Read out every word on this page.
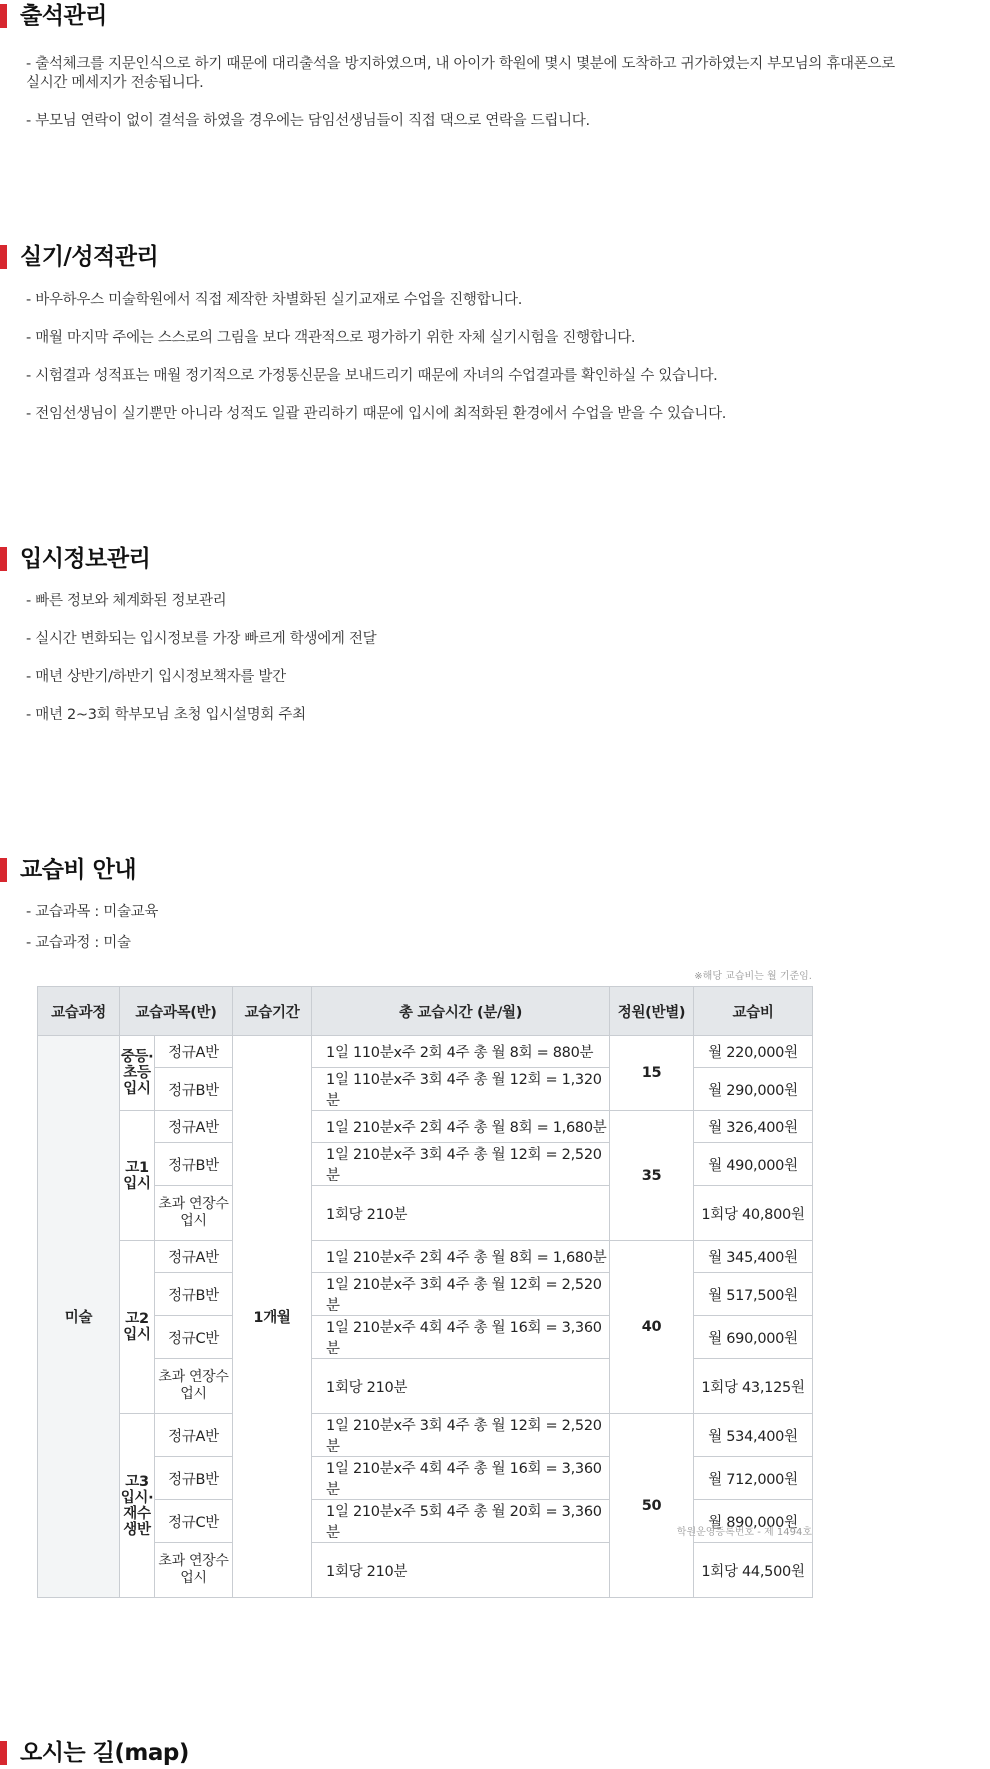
출석관리
- 출석체크를 지문인식으로 하기 때문에 대리출석을 방지하였으며, 내 아이가 학원에 몇시 몇분에 도착하고 귀가하였는지 부모님의 휴대폰으로
실시간 메세지가 전송됩니다.
- 부모님 연락이 없이 결석을 하였을 경우에는 담임선생님들이 직접 댁으로 연락을 드립니다.
실기/성적관리
- 바우하우스 미술학원에서 직접 제작한 차별화된 실기교재로 수업을 진행합니다.
- 매월 마지막 주에는 스스로의 그림을 보다 객관적으로 평가하기 위한 자체 실기시험을 진행합니다.
- 시험결과 성적표는 매월 정기적으로 가정통신문을 보내드리기 때문에 자녀의 수업결과를 확인하실 수 있습니다.
- 전임선생님이 실기뿐만 아니라 성적도 일괄 관리하기 때문에 입시에 최적화된 환경에서 수업을 받을 수 있습니다.
입시정보관리
- 빠른 정보와 체계화된 정보관리
- 실시간 변화되는 입시정보를 가장 빠르게 학생에게 전달
- 매년 상반기/하반기 입시정보책자를 발간
- 매년 2~3회 학부모님 초청 입시설명회 주최
교습비 안내
- 교습과목 : 미술교육
- 교습과정 : 미술
※해당 교습비는 월 기준임.
교습과정	교습과목(반)		교습기간	총 교습시간 (분/월)	정원(반별)	교습비
미술	중등·초등입시	정규A반	1개월	1일 110분x주 2회 4주 총 월 8회 = 880분	15	월 220,000원
		정규B반		1일 110분x주 3회 4주 총 월 12회 = 1,320분		월 290,000원
	고1입시	정규A반		1일 210분x주 2회 4주 총 월 8회 = 1,680분	35	월 326,400원
		정규B반		1일 210분x주 3회 4주 총 월 12회 = 2,520분		월 490,000원
		초과 연장수업시		1회당 210분		1회당 40,800원
	고2입시	정규A반		1일 210분x주 2회 4주 총 월 8회 = 1,680분	40	월 345,400원
		정규B반		1일 210분x주 3회 4주 총 월 12회 = 2,520분		월 517,500원
		정규C반		1일 210분x주 4회 4주 총 월 16회 = 3,360분		월 690,000원
		초과 연장수업시		1회당 210분		1회당 43,125원
	고3입시·재수생반	정규A반		1일 210분x주 3회 4주 총 월 12회 = 2,520분	50	월 534,400원
		정규B반		1일 210분x주 4회 4주 총 월 16회 = 3,360분		월 712,000원
		정규C반		1일 210분x주 5회 4주 총 월 20회 = 3,360분		월 890,000원
		초과 연장수업시		1회당 210분		1회당 44,500원
학원운영등록번호 - 제 1494호
오시는 길(map)
